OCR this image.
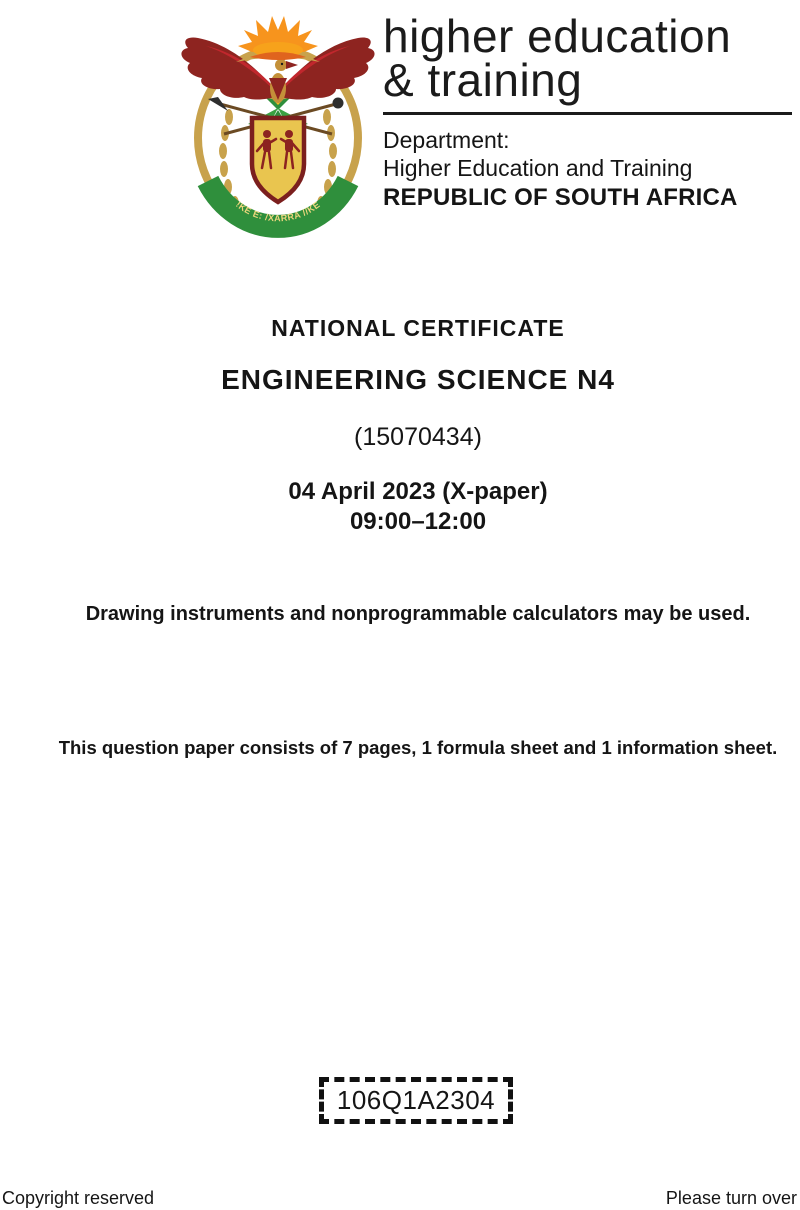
!KE E: /XARRA //KE
higher education
& training
Department:
Higher Education and Training
REPUBLIC OF SOUTH AFRICA
NATIONAL CERTIFICATE
ENGINEERING SCIENCE N4
(15070434)
04 April 2023 (X-paper)
09:00–12:00
Drawing instruments and nonprogrammable calculators may be used.
This question paper consists of 7 pages, 1 formula sheet and 1 information sheet.
106Q1A2304
Copyright reserved	Please turn over
